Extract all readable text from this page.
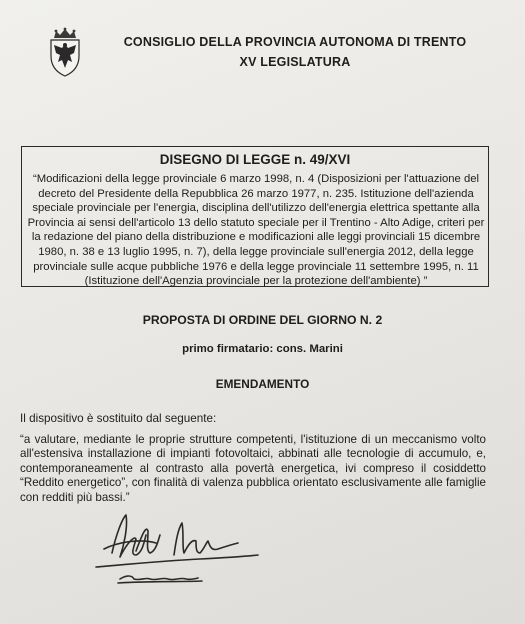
CONSIGLIO DELLA PROVINCIA AUTONOMA DI TRENTO
XV LEGISLATURA
DISEGNO DI LEGGE n. 49/XVI

“Modificazioni della legge provinciale 6 marzo 1998, n. 4 (Disposizioni per l'attuazione del decreto del Presidente della Repubblica 26 marzo 1977, n. 235. Istituzione dell'azienda speciale provinciale per l'energia, disciplina dell'utilizzo dell'energia elettrica spettante alla Provincia ai sensi dell'articolo 13 dello statuto speciale per il Trentino - Alto Adige, criteri per la redazione del piano della distribuzione e modificazioni alle leggi provinciali 15 dicembre 1980, n. 38 e 13 luglio 1995, n. 7), della legge provinciale sull'energia 2012, della legge provinciale sulle acque pubbliche 1976 e della legge provinciale 11 settembre 1995, n. 11 (Istituzione dell'Agenzia provinciale per la protezione dell'ambiente) ”

PROPOSTA DI ORDINE DEL GIORNO N. 2
primo firmatario: cons. Marini
EMENDAMENTO

Il dispositivo è sostituito dal seguente:

“a valutare, mediante le proprie strutture competenti, l'istituzione di un meccanismo volto all'estensiva installazione di impianti fotovoltaici, abbinati alle tecnologie di accumulo, e, contemporaneamente al contrasto alla povertà energetica, ivi compreso il cosiddetto “Reddito energetico”, con finalità di valenza pubblica orientato esclusivamente alle famiglie con redditi più bassi.”
